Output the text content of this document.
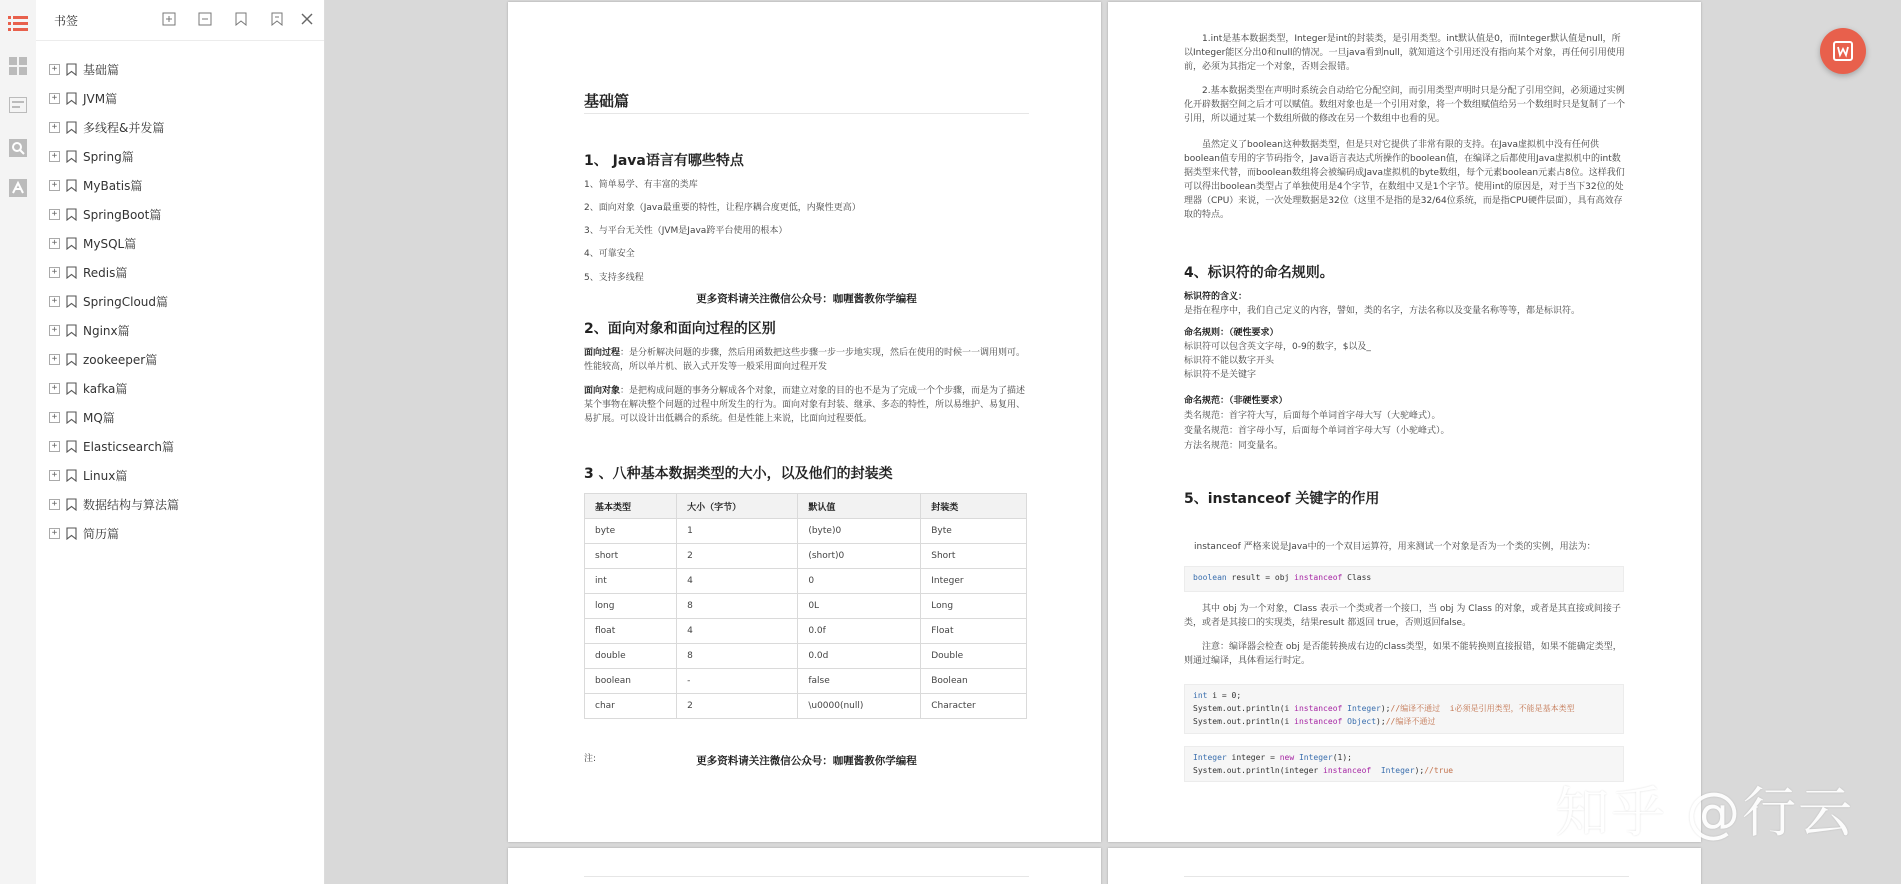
书签
+ 基础篇
+ JVM篇
+ 多线程&并发篇
+ Spring篇
+ MyBatis篇
+ SpringBoot篇
+ MySQL篇
+ Redis篇
+ SpringCloud篇
+ Nginx篇
+ zookeeper篇
+ kafka篇
+ MQ篇
+ Elasticsearch篇
+ Linux篇
+ 数据结构与算法篇
+ 简历篇
基础篇
1、 Java语言有哪些特点
1、简单易学、有丰富的类库
2、面向对象（Java最重要的特性，让程序耦合度更低，内聚性更高）
3、与平台无关性（JVM是Java跨平台使用的根本）
4、可靠安全
5、支持多线程
更多资料请关注微信公众号：咖喱酱教你学编程
2、面向对象和面向过程的区别
面向过程：是分析解决问题的步骤，然后用函数把这些步骤一步一步地实现，然后在使用的时候一一调用则可。性能较高，所以单片机、嵌入式开发等一般采用面向过程开发
面向对象：是把构成问题的事务分解成各个对象，而建立对象的目的也不是为了完成一个个步骤，而是为了描述某个事物在解决整个问题的过程中所发生的行为。面向对象有封装、继承、多态的特性，所以易维护、易复用、易扩展。可以设计出低耦合的系统。但是性能上来说，比面向过程要低。
3 、八种基本数据类型的大小，以及他们的封装类
基本类型	大小（字节）	默认值	封装类
byte	1	(byte)0	Byte
short	2	(short)0	Short
int	4	0	Integer
long	8	0L	Long
float	4	0.0f	Float
double	8	0.0d	Double
boolean	-	false	Boolean
char	2	\u0000(null)	Character
注:	更多资料请关注微信公众号：咖喱酱教你学编程
1.int是基本数据类型，Integer是int的封装类，是引用类型。int默认值是0，而Integer默认值是null，所以Integer能区分出0和null的情况。一旦java看到null，就知道这个引用还没有指向某个对象，再任何引用使用前，必须为其指定一个对象，否则会报错。
2.基本数据类型在声明时系统会自动给它分配空间，而引用类型声明时只是分配了引用空间，必须通过实例化开辟数据空间之后才可以赋值。数组对象也是一个引用对象，将一个数组赋值给另一个数组时只是复制了一个引用，所以通过某一个数组所做的修改在另一个数组中也看的见。
虽然定义了boolean这种数据类型，但是只对它提供了非常有限的支持。在Java虚拟机中没有任何供boolean值专用的字节码指令，Java语言表达式所操作的boolean值，在编译之后都使用Java虚拟机中的int数据类型来代替，而boolean数组将会被编码成Java虚拟机的byte数组，每个元素boolean元素占8位。这样我们可以得出boolean类型占了单独使用是4个字节，在数组中又是1个字节。使用int的原因是，对于当下32位的处理器（CPU）来说，一次处理数据是32位（这里不是指的是32/64位系统，而是指CPU硬件层面），具有高效存取的特点。
4、标识符的命名规则。
标识符的含义：
是指在程序中，我们自己定义的内容，譬如，类的名字，方法名称以及变量名称等等，都是标识符。
命名规则：（硬性要求）
标识符可以包含英文字母，0-9的数字，$以及_
标识符不能以数字开头
标识符不是关键字
命名规范：（非硬性要求）
类名规范：首字符大写，后面每个单词首字母大写（大驼峰式）。
变量名规范：首字母小写，后面每个单词首字母大写（小驼峰式）。
方法名规范：同变量名。
5、instanceof 关键字的作用
instanceof 严格来说是Java中的一个双目运算符，用来测试一个对象是否为一个类的实例，用法为：
boolean result = obj instanceof Class
其中 obj 为一个对象，Class 表示一个类或者一个接口，当 obj 为 Class 的对象，或者是其直接或间接子类，或者是其接口的实现类，结果result 都返回 true，否则返回false。
注意：编译器会检查 obj 是否能转换成右边的class类型，如果不能转换则直接报错，如果不能确定类型，则通过编译，具体看运行时定。
int i = 0;
System.out.println(i instanceof Integer);//编译不通过  i必须是引用类型，不能是基本类型
System.out.println(i instanceof Object);//编译不通过
Integer integer = new Integer(1);
System.out.println(integer instanceof  Integer);//true
知乎 @行云
